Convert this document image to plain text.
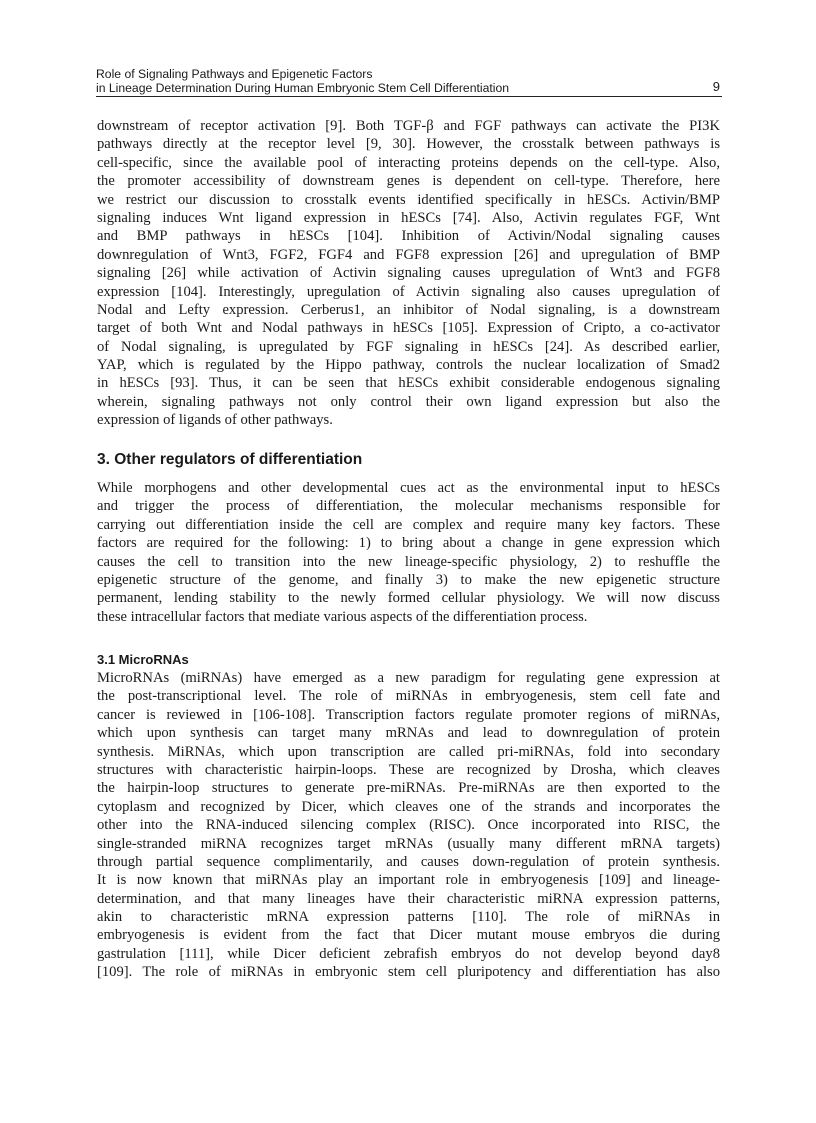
Role of Signaling Pathways and Epigenetic Factors
in Lineage Determination During Human Embryonic Stem Cell Differentiation	9
downstream of receptor activation [9]. Both TGF-β and FGF pathways can activate the PI3K
pathways directly at the receptor level [9, 30]. However, the crosstalk between pathways is
cell-specific, since the available pool of interacting proteins depends on the cell-type. Also,
the promoter accessibility of downstream genes is dependent on cell-type. Therefore, here
we restrict our discussion to crosstalk events identified specifically in hESCs. Activin/BMP
signaling induces Wnt ligand expression in hESCs [74]. Also, Activin regulates FGF, Wnt
and BMP pathways in hESCs [104]. Inhibition of Activin/Nodal signaling causes
downregulation of Wnt3, FGF2, FGF4 and FGF8 expression [26] and upregulation of BMP
signaling [26] while activation of Activin signaling causes upregulation of Wnt3 and FGF8
expression [104]. Interestingly, upregulation of Activin signaling also causes upregulation of
Nodal and Lefty expression. Cerberus1, an inhibitor of Nodal signaling, is a downstream
target of both Wnt and Nodal pathways in hESCs [105]. Expression of Cripto, a co-activator
of Nodal signaling, is upregulated by FGF signaling in hESCs [24]. As described earlier,
YAP, which is regulated by the Hippo pathway, controls the nuclear localization of Smad2
in hESCs [93]. Thus, it can be seen that hESCs exhibit considerable endogenous signaling
wherein, signaling pathways not only control their own ligand expression but also the
expression of ligands of other pathways.
3. Other regulators of differentiation
While morphogens and other developmental cues act as the environmental input to hESCs
and trigger the process of differentiation, the molecular mechanisms responsible for
carrying out differentiation inside the cell are complex and require many key factors. These
factors are required for the following: 1) to bring about a change in gene expression which
causes the cell to transition into the new lineage-specific physiology, 2) to reshuffle the
epigenetic structure of the genome, and finally 3) to make the new epigenetic structure
permanent, lending stability to the newly formed cellular physiology. We will now discuss
these intracellular factors that mediate various aspects of the differentiation process.
3.1 MicroRNAs
MicroRNAs (miRNAs) have emerged as a new paradigm for regulating gene expression at
the post-transcriptional level. The role of miRNAs in embryogenesis, stem cell fate and
cancer is reviewed in [106-108]. Transcription factors regulate promoter regions of miRNAs,
which upon synthesis can target many mRNAs and lead to downregulation of protein
synthesis. MiRNAs, which upon transcription are called pri-miRNAs, fold into secondary
structures with characteristic hairpin-loops. These are recognized by Drosha, which cleaves
the hairpin-loop structures to generate pre-miRNAs. Pre-miRNAs are then exported to the
cytoplasm and recognized by Dicer, which cleaves one of the strands and incorporates the
other into the RNA-induced silencing complex (RISC). Once incorporated into RISC, the
single-stranded miRNA recognizes target mRNAs (usually many different mRNA targets)
through partial sequence complimentarily, and causes down-regulation of protein synthesis.
It is now known that miRNAs play an important role in embryogenesis [109] and lineage-
determination, and that many lineages have their characteristic miRNA expression patterns,
akin to characteristic mRNA expression patterns [110]. The role of miRNAs in
embryogenesis is evident from the fact that Dicer mutant mouse embryos die during
gastrulation [111], while Dicer deficient zebrafish embryos do not develop beyond day8
[109]. The role of miRNAs in embryonic stem cell pluripotency and differentiation has also
